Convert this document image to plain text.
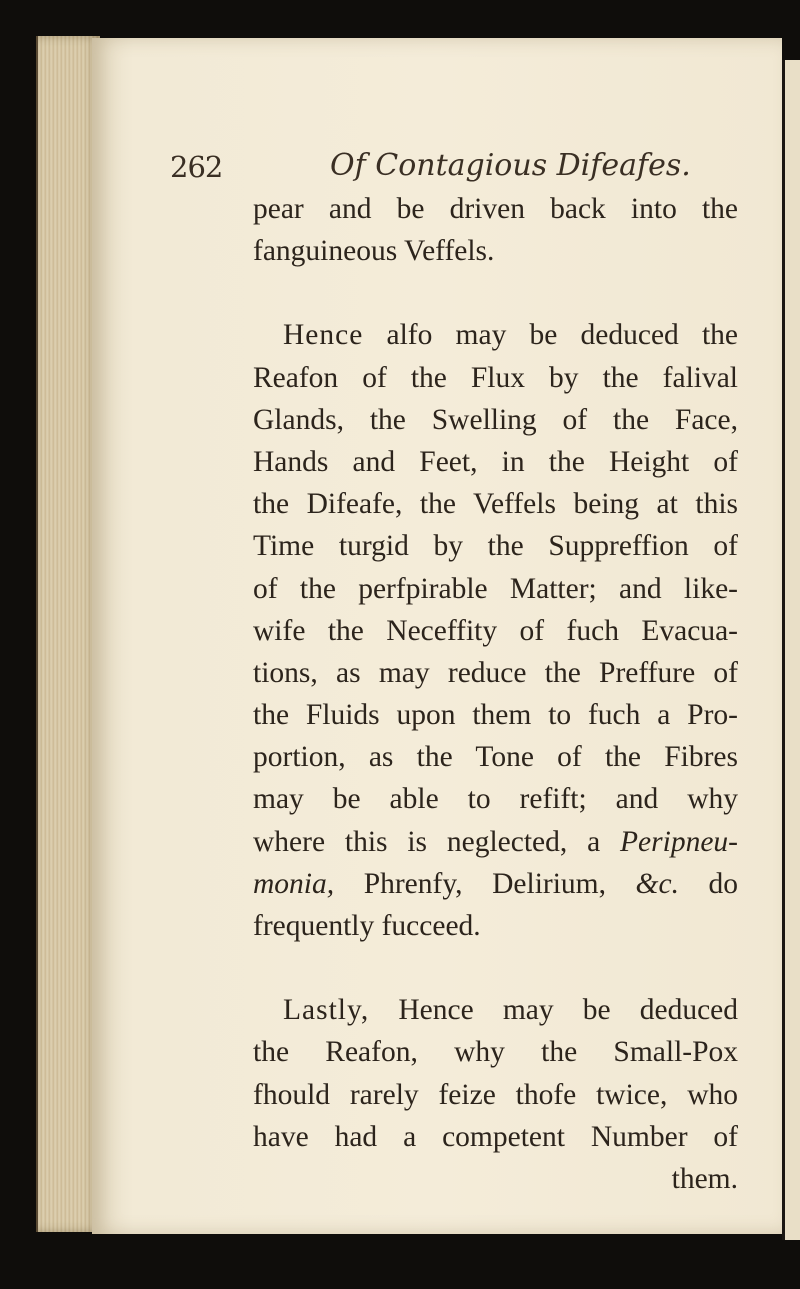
262	Of Contagious Difeafes.
pear and be driven back into the
fanguineous Veffels.
Hence alfo may be deduced the
Reafon of the Flux by the falival
Glands, the Swelling of the Face,
Hands and Feet, in the Height of
the Difeafe, the Veffels being at this
Time turgid by the Suppreffion of
of the perfpirable Matter; and like-
wife the Neceffity of fuch Evacua-
tions, as may reduce the Preffure of
the Fluids upon them to fuch a Pro-
portion, as the Tone of the Fibres
may be able to refift; and why
where this is neglected, a Peripneu-
monia, Phrenfy, Delirium, &c. do
frequently fucceed.
Lastly, Hence may be deduced
the Reafon, why the Small-Pox
fhould rarely feize thofe twice, who
have had a competent Number of
them.
